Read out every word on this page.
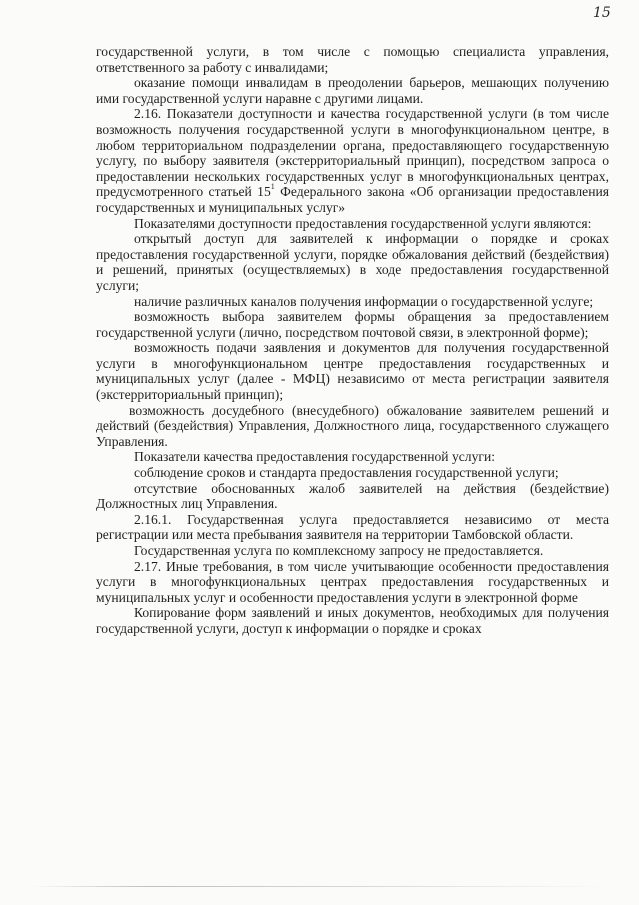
15

государственной услуги, в том числе с помощью специалиста управления, ответственного за работу с инвалидами;

оказание помощи инвалидам в преодолении барьеров, мешающих получению ими государственной услуги наравне с другими лицами.

2.16. Показатели доступности и качества государственной услуги (в том числе возможность получения государственной услуги в многофункциональном центре, в любом территориальном подразделении органа, предоставляющего государственную услугу, по выбору заявителя (экстерриториальный принцип), посредством запроса о предоставлении нескольких государственных услуг в многофункциональных центрах, предусмотренного статьей $15^1$ Федерального закона «Об организации предоставления государственных и муниципальных услуг»

Показателями доступности предоставления государственной услуги являются:

открытый доступ для заявителей к информации о порядке и сроках предоставления государственной услуги, порядке обжалования действий (бездействия) и решений, принятых (осуществляемых) в ходе предоставления государственной услуги;

наличие различных каналов получения информации о государственной услуге;

возможность выбора заявителем формы обращения за предоставлением государственной услуги (лично, посредством почтовой связи, в электронной форме);

возможность подачи заявления и документов для получения государственной услуги в многофункциональном центре предоставления государственных и муниципальных услуг (далее - МФЦ) независимо от места регистрации заявителя (экстерриториальный принцип);

возможность досудебного (внесудебного) обжалование заявителем решений и действий (бездействия) Управления, Должностного лица, государственного служащего Управления.

Показатели качества предоставления государственной услуги:

соблюдение сроков и стандарта предоставления государственной услуги;

отсутствие обоснованных жалоб заявителей на действия (бездействие) Должностных лиц Управления.

2.16.1. Государственная услуга предоставляется независимо от места регистрации или места пребывания заявителя на территории Тамбовской области.

Государственная услуга по комплексному запросу не предоставляется.

2.17. Иные требования, в том числе учитывающие особенности предоставления услуги в многофункциональных центрах предоставления государственных и муниципальных услуг и особенности предоставления услуги в электронной форме

Копирование форм заявлений и иных документов, необходимых для получения государственной услуги, доступ к информации о порядке и сроках
